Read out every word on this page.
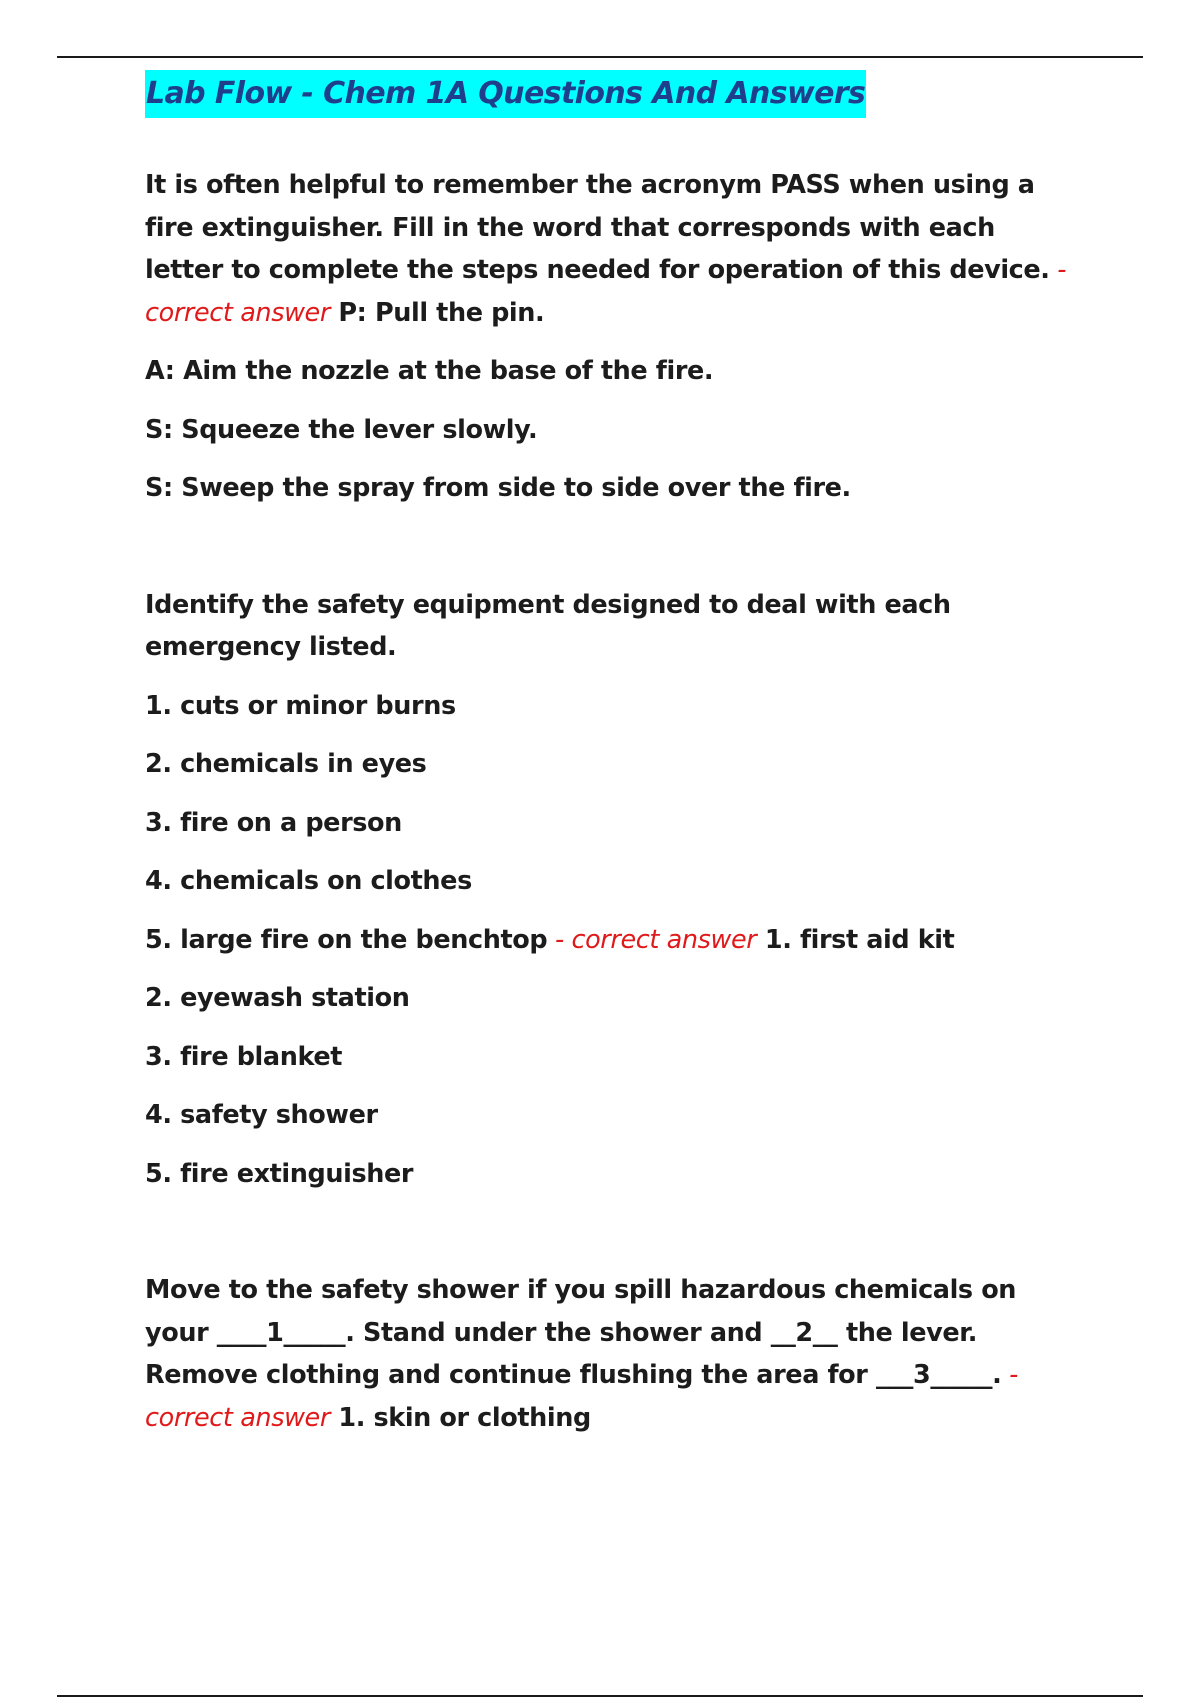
Lab Flow - Chem 1A Questions And Answers

It is often helpful to remember the acronym PASS when using a fire extinguisher. Fill in the word that corresponds with each letter to complete the steps needed for operation of this device. - correct answer P: Pull the pin.

A: Aim the nozzle at the base of the fire.

S: Squeeze the lever slowly.

S: Sweep the spray from side to side over the fire.

Identify the safety equipment designed to deal with each emergency listed.

1. cuts or minor burns

2. chemicals in eyes

3. fire on a person

4. chemicals on clothes

5. large fire on the benchtop - correct answer 1. first aid kit

2. eyewash station

3. fire blanket

4. safety shower

5. fire extinguisher

Move to the safety shower if you spill hazardous chemicals on your ____1_____. Stand under the shower and __2__ the lever. Remove clothing and continue flushing the area for ___3_____. - correct answer 1. skin or clothing
